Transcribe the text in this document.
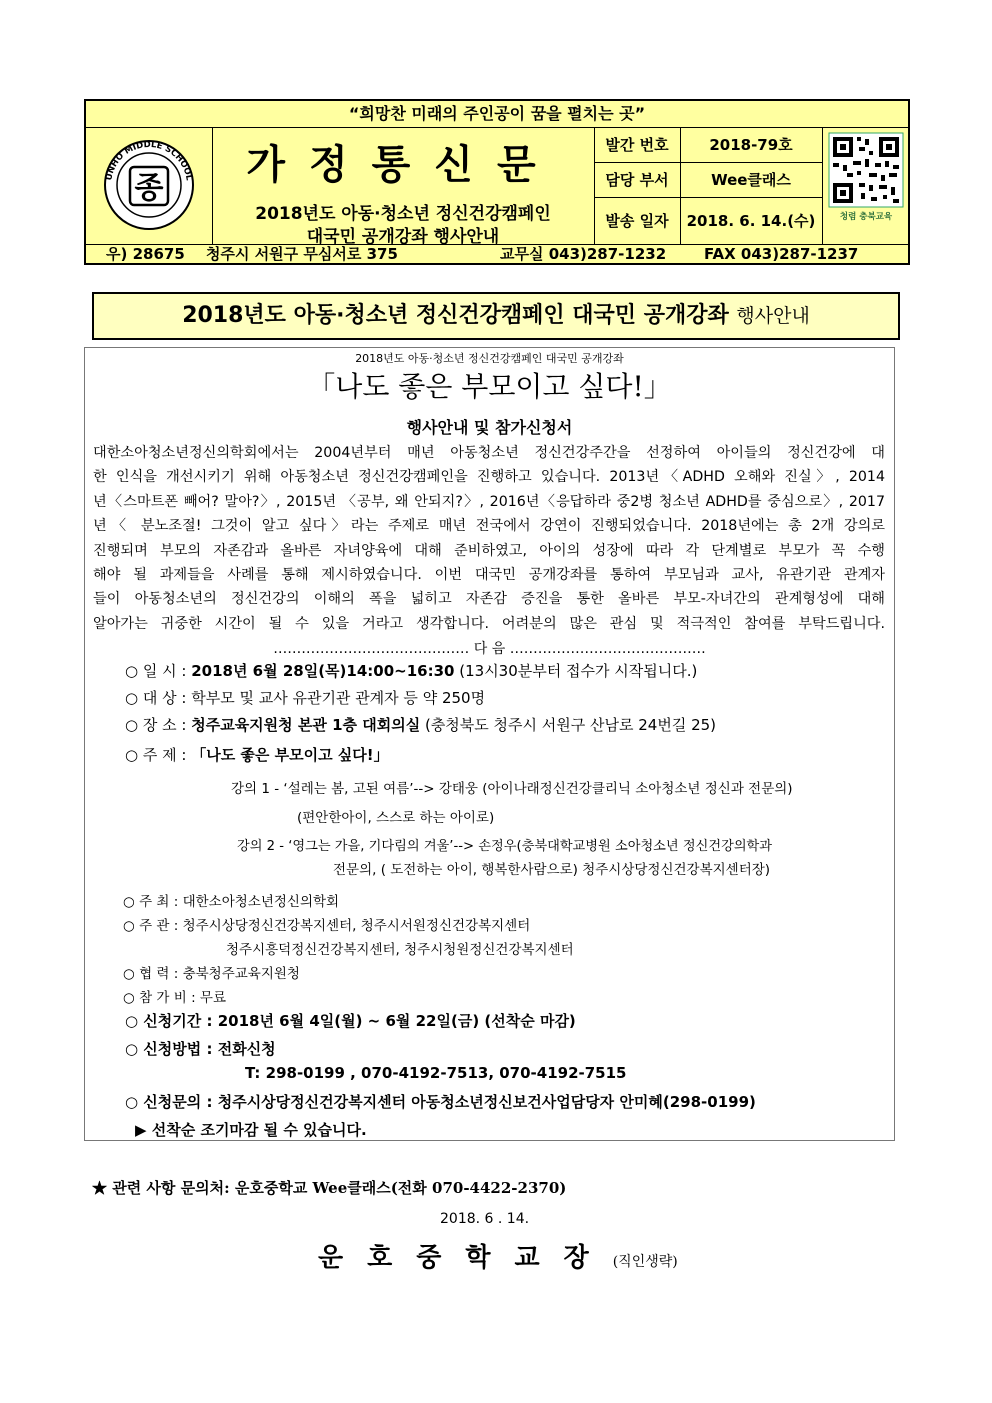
“희망찬 미래의 주인공이 꿈을 펼치는 곳”
UNHO MIDDLE SCHOOL
종
가정통신문
2018년도 아동·청소년 정신건강캠페인
대국민 공개강좌 행사안내
발간 번호	2018-79호
담당 부서	Wee클래스
발송 일자	2018. 6. 14.(수)	청렴 충북교육
우) 28675 청주시 서원구 무심서로 375	교무실 043)287-1232	FAX 043)287-1237
2018년도 아동·청소년 정신건강캠페인 대국민 공개강좌 행사안내
2018년도 아동·청소년 정신건강캠페인 대국민 공개강좌
「나도 좋은 부모이고 싶다!」
행사안내 및 참가신청서
대한소아청소년정신의학회에서는 2004년부터 매년 아동청소년 정신건강주간을 선정하여 아이들의 정신건강에 대
한 인식을 개선시키기 위해 아동청소년 정신건강캠페인을 진행하고 있습니다. 2013년〈ADHD 오해와 진실〉, 2014
년〈스마트폰 빼어? 말아?〉, 2015년 〈공부, 왜 안되지?〉, 2016년〈응답하라 중2병 청소년 ADHD를 중심으로〉, 2017
년〈 분노조절! 그것이 알고 싶다〉라는 주제로 매년 전국에서 강연이 진행되었습니다. 2018년에는 총 2개 강의로
진행되며 부모의 자존감과 올바른 자녀양육에 대해 준비하였고, 아이의 성장에 따라 각 단계별로 부모가 꼭 수행
해야 될 과제들을 사례를 통해 제시하였습니다. 이번 대국민 공개강좌를 통하여 부모님과 교사, 유관기관 관계자
들이 아동청소년의 정신건강의 이해의 폭을 넓히고 자존감 증진을 통한 올바른 부모-자녀간의 관계형성에 대해
알아가는 귀중한 시간이 될 수 있을 거라고 생각합니다. 어려분의 많은 관심 및 적극적인 참여를 부탁드립니다.
…………………………………… 다 음 ……………………………………
○ 일 시 : 2018년 6월 28일(목)14:00~16:30 (13시30분부터 접수가 시작됩니다.)
○ 대 상 : 학부모 및 교사 유관기관 관계자 등 약 250명
○ 장 소 : 청주교육지원청 본관 1층 대회의실 (충청북도 청주시 서원구 산남로 24번길 25)
○ 주 제 : 「나도 좋은 부모이고 싶다!」
강의 1 - ‘설레는 봄, 고된 여름’--> 강태웅 (아이나래정신건강클리닉 소아청소년 정신과 전문의)
(편안한아이, 스스로 하는 아이로)
강의 2 - ‘영그는 가을, 기다림의 겨울’--> 손정우(충북대학교병원 소아청소년 정신건강의학과
전문의, ( 도전하는 아이, 행복한사람으로) 청주시상당정신건강복지센터장)
○ 주 최 : 대한소아청소년정신의학회
○ 주 관 : 청주시상당정신건강복지센터, 청주시서원정신건강복지센터
청주시흥덕정신건강복지센터, 청주시청원정신건강복지센터
○ 협 력 : 충북청주교육지원청
○ 참 가 비 : 무료
○ 신청기간 : 2018년 6월 4일(월) ~ 6월 22일(금) (선착순 마감)
○ 신청방법 : 전화신청
T: 298-0199 , 070-4192-7513, 070-4192-7515
○ 신청문의 : 청주시상당정신건강복지센터 아동청소년정신보건사업담당자 안미혜(298-0199)
▶ 선착순 조기마감 될 수 있습니다.
★ 관련 사항 문의처: 운호중학교 Wee클래스(전화 070-4422-2370)
2018. 6 . 14.
운호중학교장(직인생략)
